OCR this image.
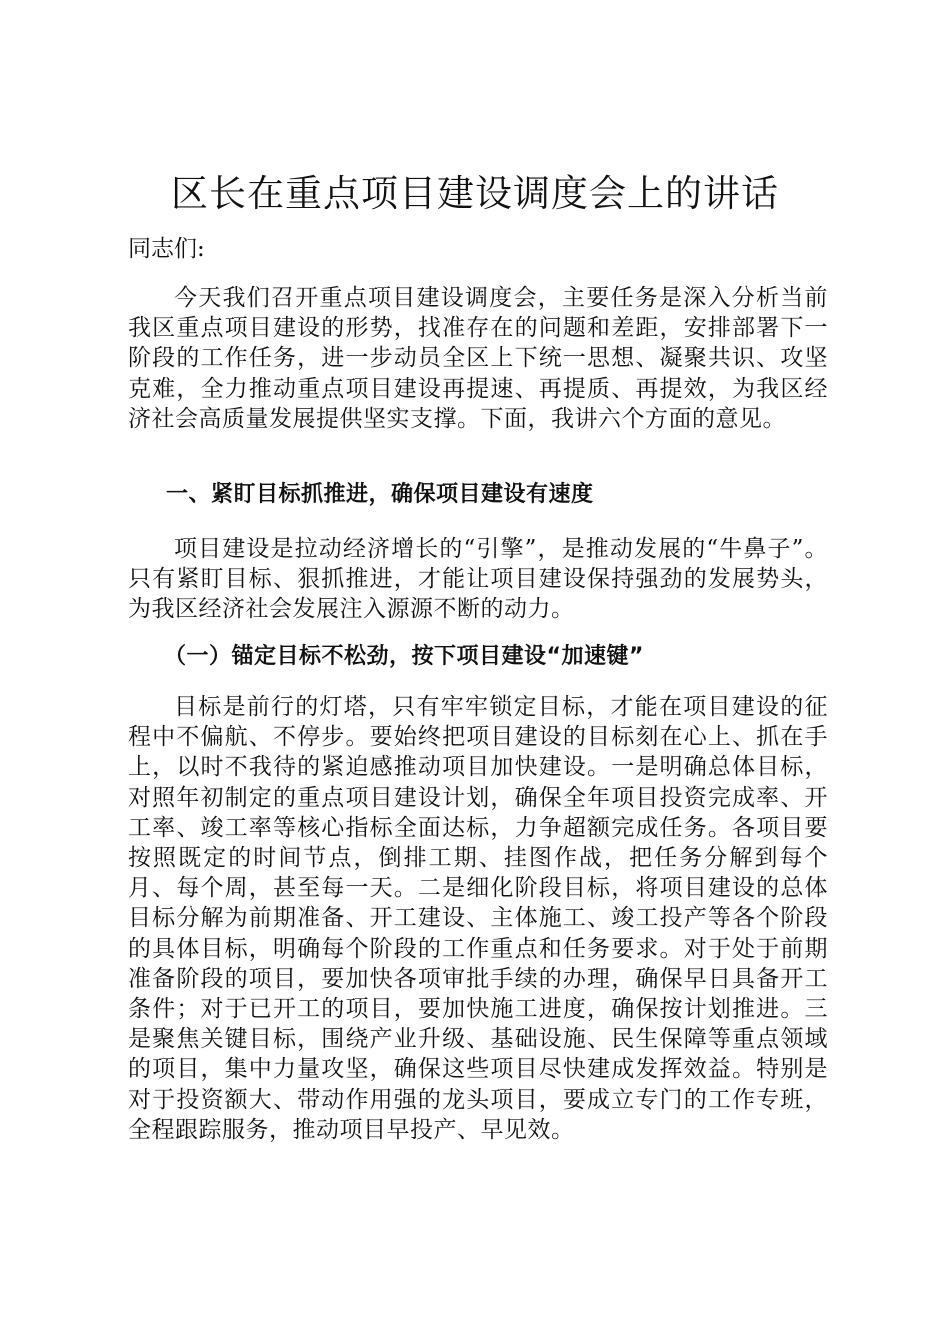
区长在重点项目建设调度会上的讲话

同志们:

今天我们召开重点项目建设调度会，主要任务是深入分析当前我区重点项目建设的形势，找准存在的问题和差距，安排部署下一阶段的工作任务，进一步动员全区上下统一思想、凝聚共识、攻坚克难，全力推动重点项目建设再提速、再提质、再提效，为我区经济社会高质量发展提供坚实支撑。下面，我讲六个方面的意见。

一、紧盯目标抓推进，确保项目建设有速度

项目建设是拉动经济增长的“引擎”，是推动发展的“牛鼻子”。只有紧盯目标、狠抓推进，才能让项目建设保持强劲的发展势头，为我区经济社会发展注入源源不断的动力。

（一）锚定目标不松劲，按下项目建设“加速键”

目标是前行的灯塔，只有牢牢锁定目标，才能在项目建设的征程中不偏航、不停步。要始终把项目建设的目标刻在心上、抓在手上，以时不我待的紧迫感推动项目加快建设。一是明确总体目标，对照年初制定的重点项目建设计划，确保全年项目投资完成率、开工率、竣工率等核心指标全面达标，力争超额完成任务。各项目要按照既定的时间节点，倒排工期、挂图作战，把任务分解到每个月、每个周，甚至每一天。二是细化阶段目标，将项目建设的总体目标分解为前期准备、开工建设、主体施工、竣工投产等各个阶段的具体目标，明确每个阶段的工作重点和任务要求。对于处于前期准备阶段的项目，要加快各项审批手续的办理，确保早日具备开工条件；对于已开工的项目，要加快施工进度，确保按计划推进。三是聚焦关键目标，围绕产业升级、基础设施、民生保障等重点领域的项目，集中力量攻坚，确保这些项目尽快建成发挥效益。特别是对于投资额大、带动作用强的龙头项目，要成立专门的工作专班，全程跟踪服务，推动项目早投产、早见效。
